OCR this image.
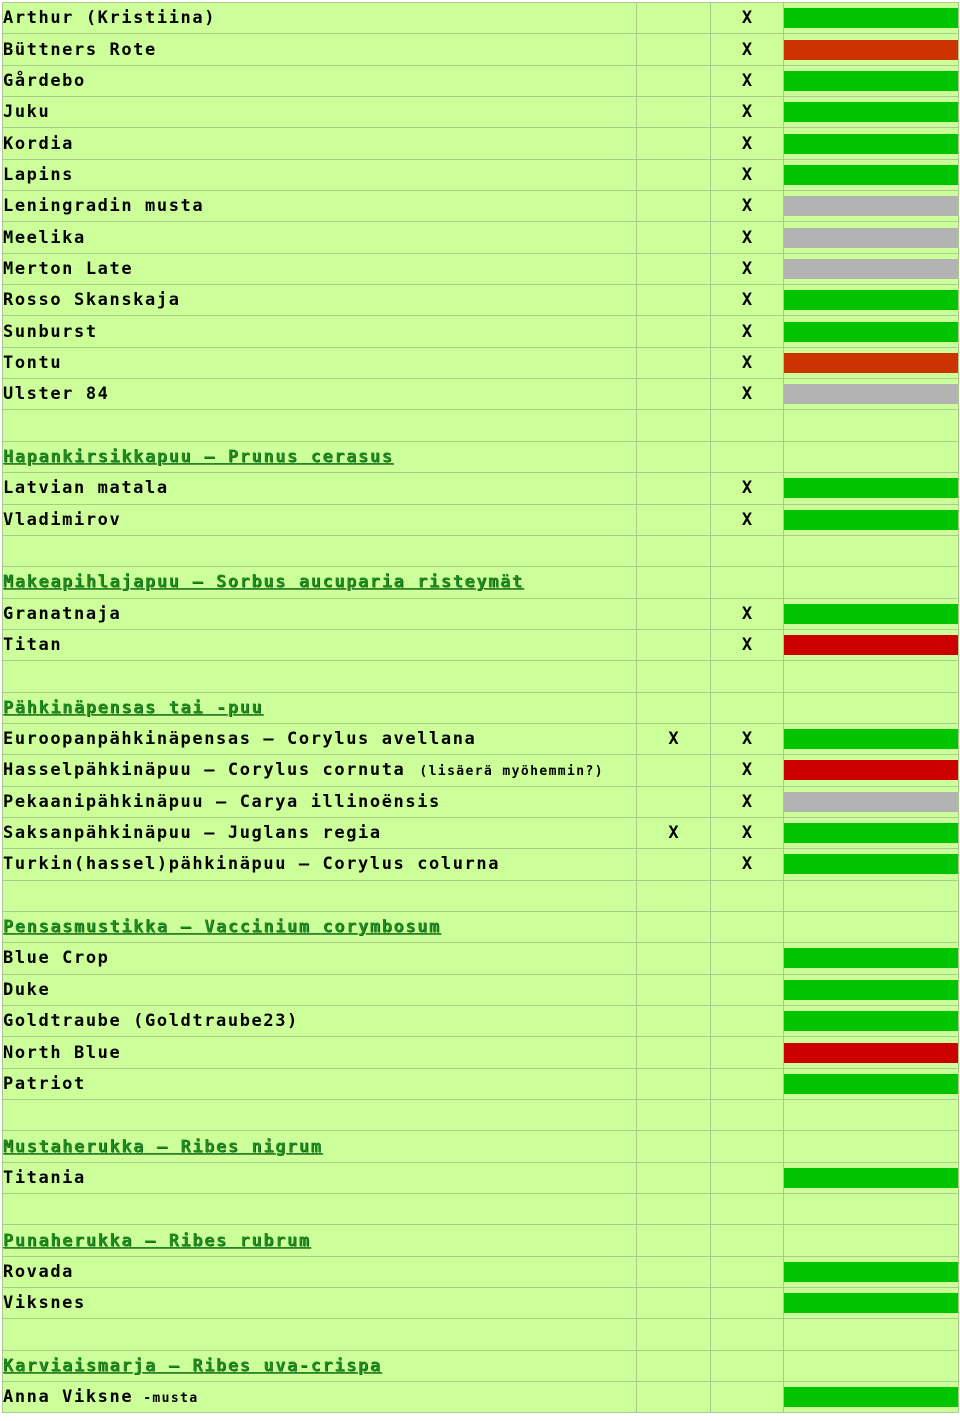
Arthur (Kristiina)		X	

Büttners Rote		X	

Gårdebo		X	

Juku		X	

Kordia		X	

Lapins		X	

Leningradin musta		X	

Meelika		X	

Merton Late		X	

Rosso Skanskaja		X	

Sunburst		X	

Tontu		X	

Ulster 84		X	

Hapankirsikkapuu – Prunus cerasus			
Latvian matala		X	

Vladimirov		X	

Makeapihlajapuu – Sorbus aucuparia risteymät			
Granatnaja		X	

Titan		X	

Pähkinäpensas tai -puu			
Euroopanpähkinäpensas – Corylus avellana	X	X	

Hasselpähkinäpuu – Corylus cornuta (lisäerä myöhemmin?)		X	

Pekaanipähkinäpuu – Carya illinoënsis		X	

Saksanpähkinäpuu – Juglans regia	X	X	

Turkin(hassel)pähkinäpuu – Corylus colurna		X	

Pensasmustikka – Vaccinium corymbosum			
Blue Crop			

Duke			

Goldtraube (Goldtraube23)			

North Blue			

Patriot			

Mustaherukka – Ribes nigrum			
Titania			

Punaherukka – Ribes rubrum			
Rovada			

Viksnes			

Karviaismarja – Ribes uva-crispa			
Anna Viksne -musta			
